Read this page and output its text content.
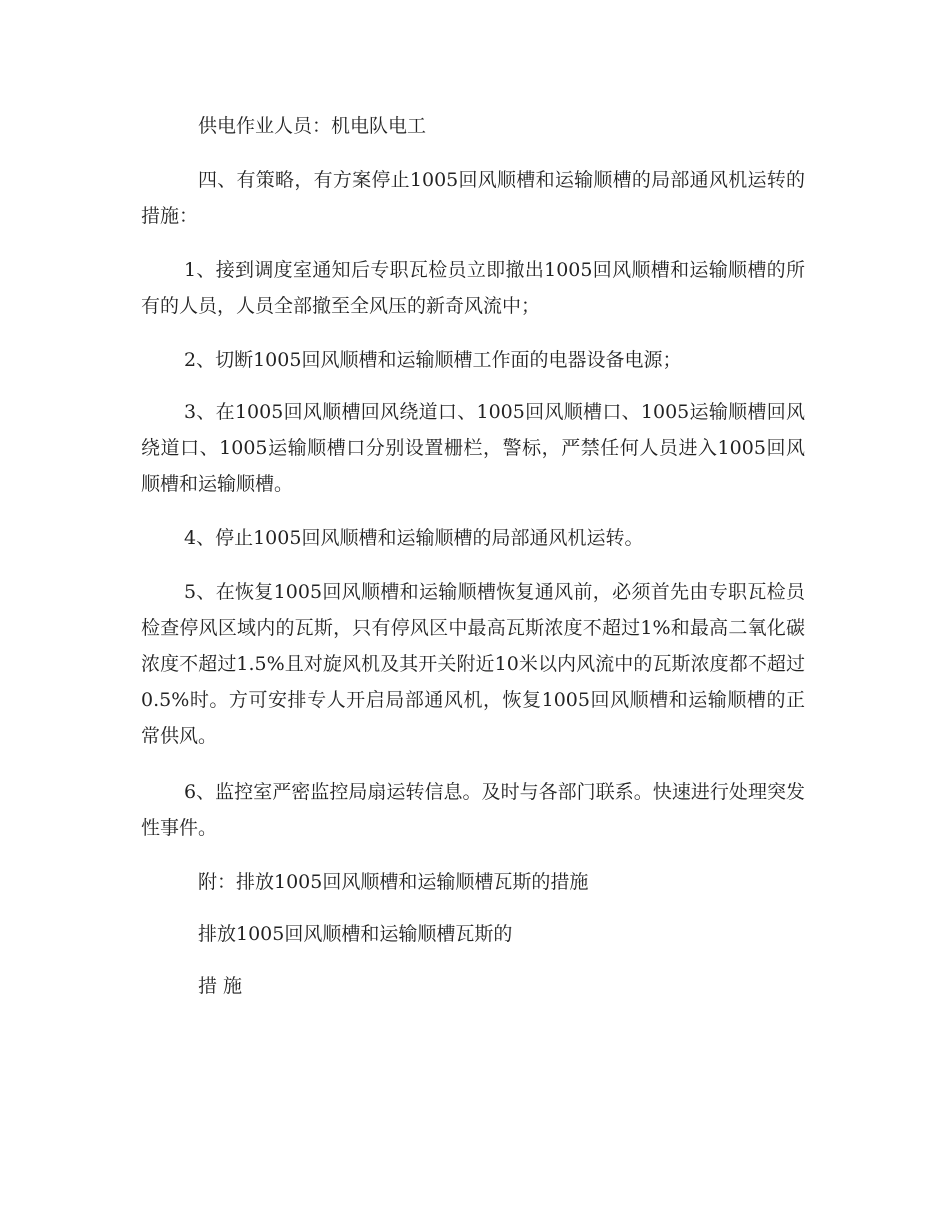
供电作业人员：机电队电工

四、有策略，有方案停止1005回风顺槽和运输顺槽的局部通风机运转的措施：

1、接到调度室通知后专职瓦检员立即撤出1005回风顺槽和运输顺槽的所有的人员，人员全部撤至全风压的新奇风流中；

2、切断1005回风顺槽和运输顺槽工作面的电器设备电源；

3、在1005回风顺槽回风绕道口、1005回风顺槽口、1005运输顺槽回风绕道口、1005运输顺槽口分别设置栅栏，警标，严禁任何人员进入1005回风顺槽和运输顺槽。

4、停止1005回风顺槽和运输顺槽的局部通风机运转。

5、在恢复1005回风顺槽和运输顺槽恢复通风前，必须首先由专职瓦检员检查停风区域内的瓦斯，只有停风区中最高瓦斯浓度不超过1%和最高二氧化碳浓度不超过1.5%且对旋风机及其开关附近10米以内风流中的瓦斯浓度都不超过0.5%时。方可安排专人开启局部通风机，恢复1005回风顺槽和运输顺槽的正常供风。

6、监控室严密监控局扇运转信息。及时与各部门联系。快速进行处理突发性事件。

附：排放1005回风顺槽和运输顺槽瓦斯的措施

排放1005回风顺槽和运输顺槽瓦斯的

措 施
